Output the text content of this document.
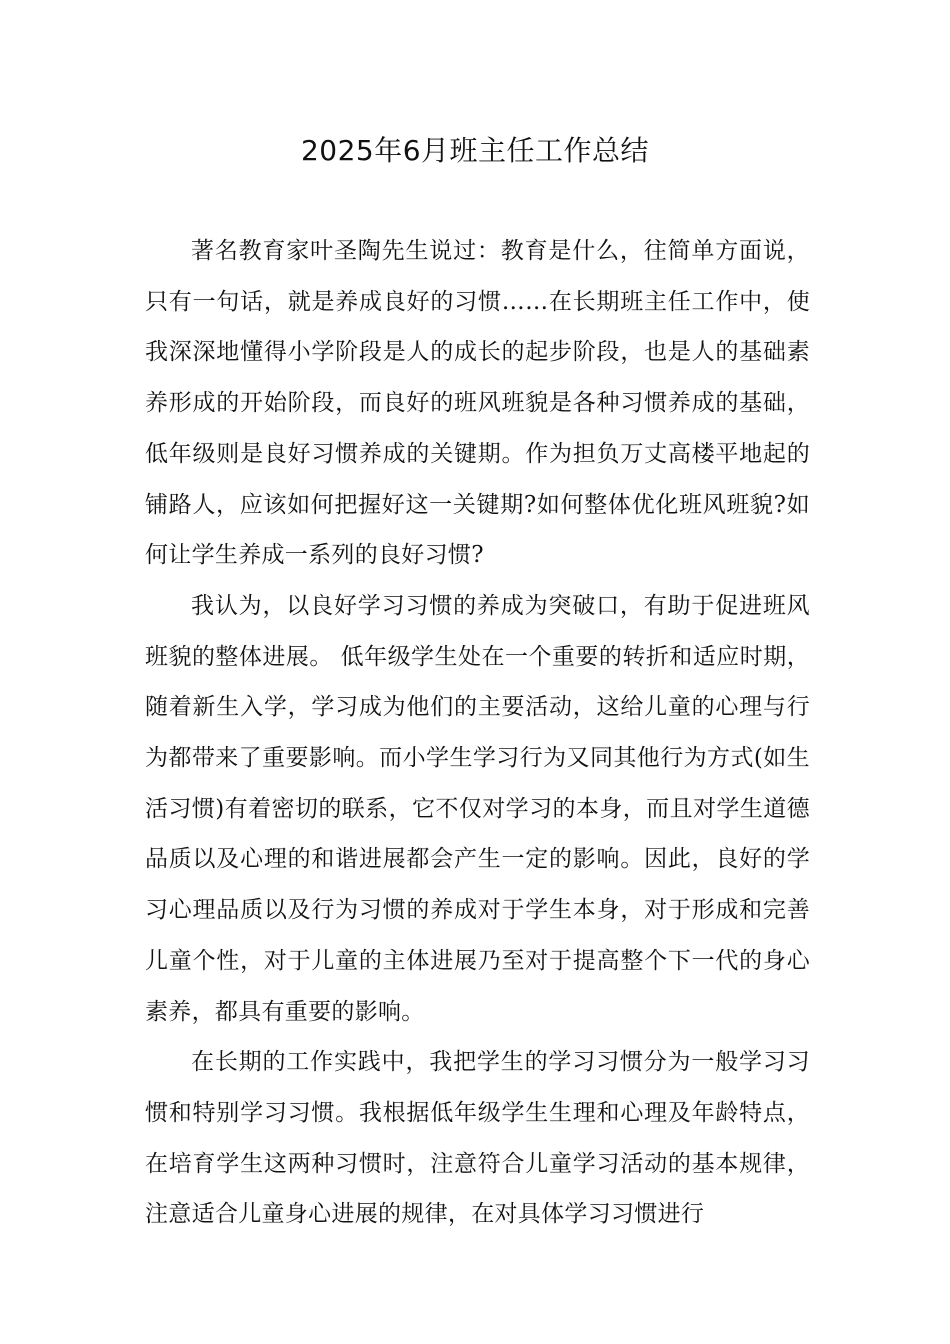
2025年6月班主任工作总结

著名教育家叶圣陶先生说过：教育是什么，往简单方面说，只有一句话，就是养成良好的习惯……在长期班主任工作中，使我深深地懂得小学阶段是人的成长的起步阶段，也是人的基础素养形成的开始阶段，而良好的班风班貌是各种习惯养成的基础，低年级则是良好习惯养成的关键期。作为担负万丈高楼平地起的铺路人，应该如何把握好这一关键期?如何整体优化班风班貌?如何让学生养成一系列的良好习惯?

我认为，以良好学习习惯的养成为突破口，有助于促进班风班貌的整体进展。 低年级学生处在一个重要的转折和适应时期，随着新生入学，学习成为他们的主要活动，这给儿童的心理与行为都带来了重要影响。而小学生学习行为又同其他行为方式(如生活习惯)有着密切的联系，它不仅对学习的本身，而且对学生道德品质以及心理的和谐进展都会产生一定的影响。因此，良好的学习心理品质以及行为习惯的养成对于学生本身，对于形成和完善儿童个性，对于儿童的主体进展乃至对于提高整个下一代的身心素养，都具有重要的影响。

在长期的工作实践中，我把学生的学习习惯分为一般学习习惯和特别学习习惯。我根据低年级学生生理和心理及年龄特点，在培育学生这两种习惯时，注意符合儿童学习活动的基本规律，注意适合儿童身心进展的规律，在对具体学习习惯进行
